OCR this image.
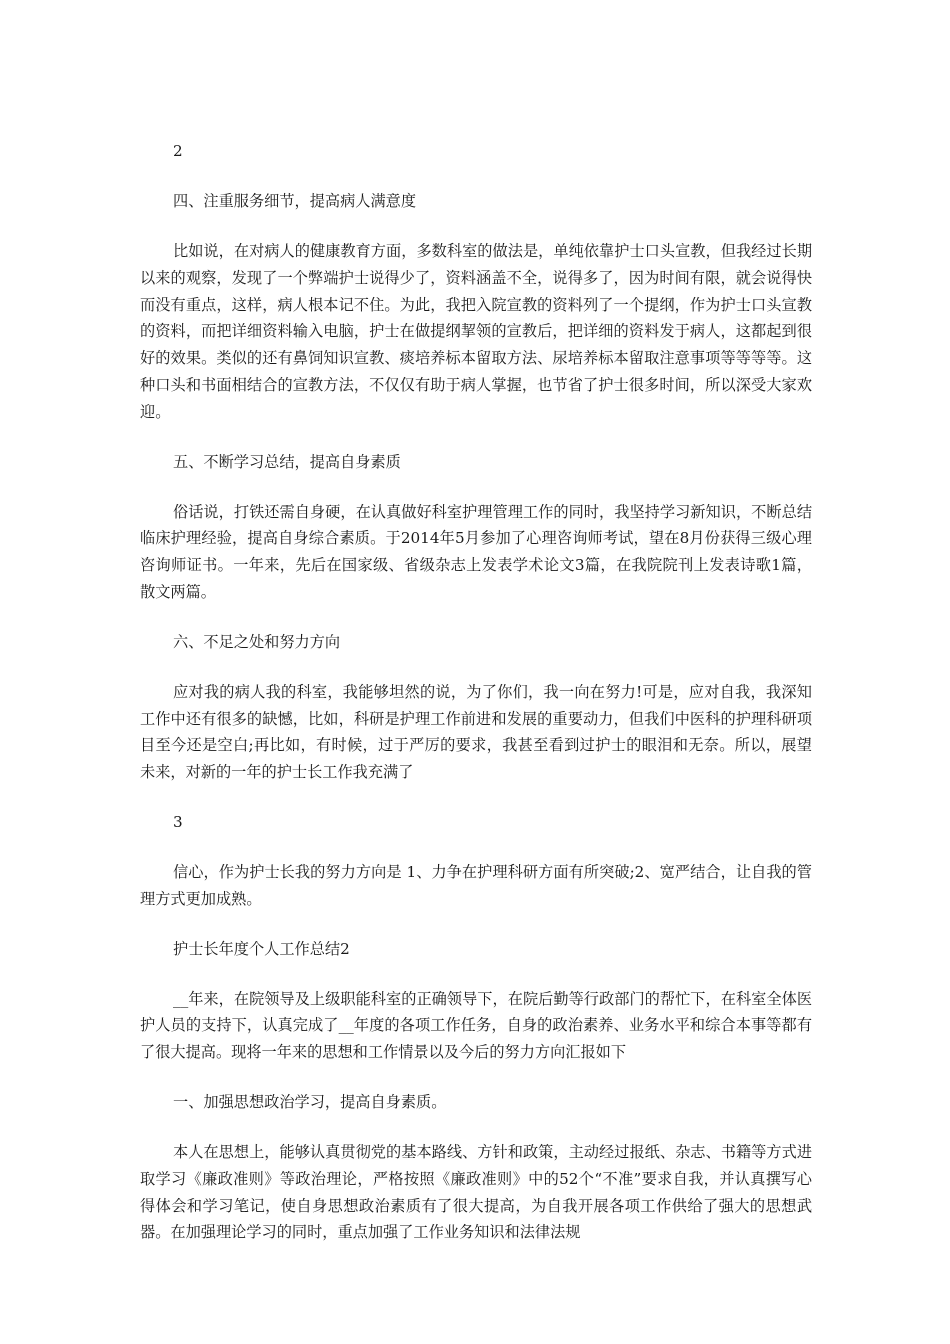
2

四、注重服务细节，提高病人满意度

比如说，在对病人的健康教育方面，多数科室的做法是，单纯依靠护士口头宣教，但我经过长期以来的观察，发现了一个弊端护士说得少了，资料涵盖不全，说得多了，因为时间有限，就会说得快而没有重点，这样，病人根本记不住。为此，我把入院宣教的资料列了一个提纲，作为护士口头宣教的资料，而把详细资料输入电脑，护士在做提纲挈领的宣教后，把详细的资料发于病人，这都起到很好的效果。类似的还有鼻饲知识宣教、痰培养标本留取方法、尿培养标本留取注意事项等等等等。这种口头和书面相结合的宣教方法，不仅仅有助于病人掌握，也节省了护士很多时间，所以深受大家欢迎。

五、不断学习总结，提高自身素质

俗话说，打铁还需自身硬，在认真做好科室护理管理工作的同时，我坚持学习新知识，不断总结临床护理经验，提高自身综合素质。于2014年5月参加了心理咨询师考试，望在8月份获得三级心理咨询师证书。一年来，先后在国家级、省级杂志上发表学术论文3篇，在我院院刊上发表诗歌1篇，散文两篇。

六、不足之处和努力方向

应对我的病人我的科室，我能够坦然的说，为了你们，我一向在努力!可是，应对自我，我深知工作中还有很多的缺憾，比如，科研是护理工作前进和发展的重要动力，但我们中医科的护理科研项目至今还是空白;再比如，有时候，过于严厉的要求，我甚至看到过护士的眼泪和无奈。所以，展望未来，对新的一年的护士长工作我充满了

3

信心，作为护士长我的努力方向是 1、力争在护理科研方面有所突破;2、宽严结合，让自我的管理方式更加成熟。

护士长年度个人工作总结2

__年来，在院领导及上级职能科室的正确领导下，在院后勤等行政部门的帮忙下，在科室全体医护人员的支持下，认真完成了__年度的各项工作任务，自身的政治素养、业务水平和综合本事等都有了很大提高。现将一年来的思想和工作情景以及今后的努力方向汇报如下

一、加强思想政治学习，提高自身素质。

本人在思想上，能够认真贯彻党的基本路线、方针和政策，主动经过报纸、杂志、书籍等方式进取学习《廉政准则》等政治理论，严格按照《廉政准则》中的52个“不准”要求自我，并认真撰写心得体会和学习笔记，使自身思想政治素质有了很大提高，为自我开展各项工作供给了强大的思想武器。在加强理论学习的同时，重点加强了工作业务知识和法律法规
